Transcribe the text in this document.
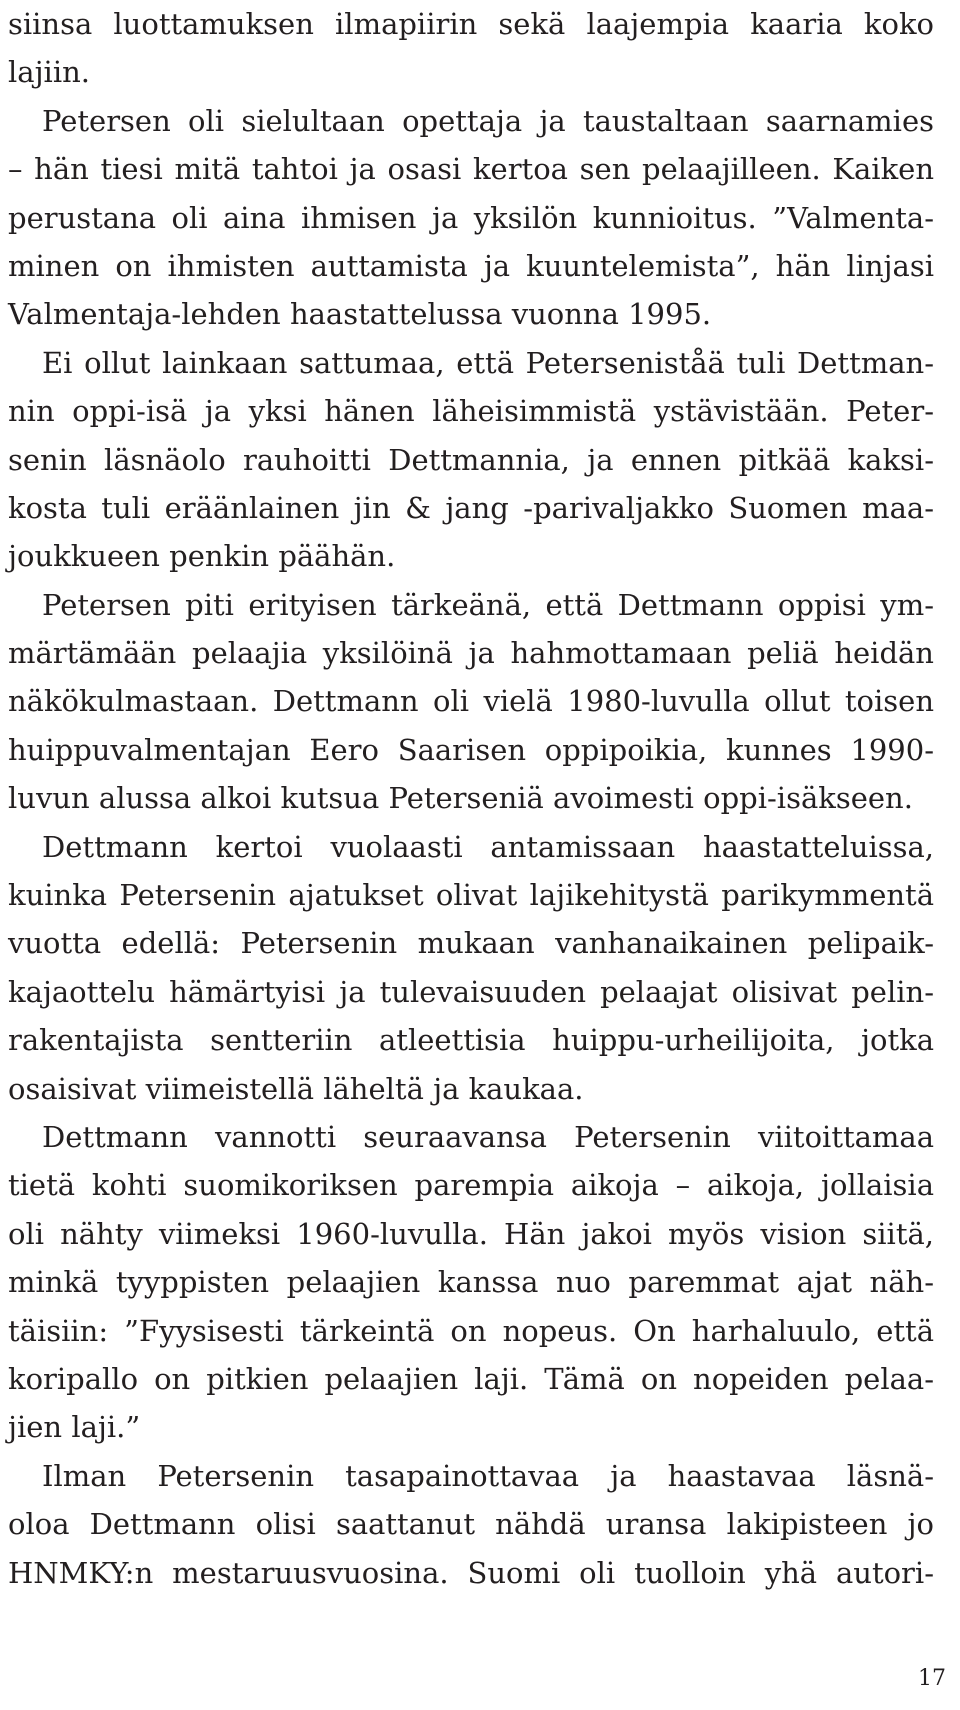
siinsa luottamuksen ilmapiirin sekä laajempia kaaria koko
lajiin.
Petersen oli sielultaan opettaja ja taustaltaan saarnamies
– hän tiesi mitä tahtoi ja osasi kertoa sen pelaajilleen. Kaiken
perustana oli aina ihmisen ja yksilön kunnioitus. ”Valmenta-
minen on ihmisten auttamista ja kuuntelemista”, hän linjasi
Valmentaja-lehden haastattelussa vuonna 1995.
Ei ollut lainkaan sattumaa, että Peterseniståä tuli Dettman-
nin oppi-isä ja yksi hänen läheisimmistä ystävistään. Peter-
senin läsnäolo rauhoitti Dettmannia, ja ennen pitkää kaksi-
kosta tuli eräänlainen jin & jang -parivaljakko Suomen maa-
joukkueen penkin päähän.
Petersen piti erityisen tärkeänä, että Dettmann oppisi ym-
märtämään pelaajia yksilöinä ja hahmottamaan peliä heidän
näkökulmastaan. Dettmann oli vielä 1980-luvulla ollut toisen
huippuvalmentajan Eero Saarisen oppipoikia, kunnes 1990-
luvun alussa alkoi kutsua Peterseniä avoimesti oppi-isäkseen.
Dettmann kertoi vuolaasti antamissaan haastatteluissa,
kuinka Petersenin ajatukset olivat lajikehitystä parikymmentä
vuotta edellä: Petersenin mukaan vanhanaikainen pelipaik-
kajaottelu hämärtyisi ja tulevaisuuden pelaajat olisivat pelin-
rakentajista sentteriin atleettisia huippu-urheilijoita, jotka
osaisivat viimeistellä läheltä ja kaukaa.
Dettmann vannotti seuraavansa Petersenin viitoittamaa
tietä kohti suomikoriksen parempia aikoja – aikoja, jollaisia
oli nähty viimeksi 1960-luvulla. Hän jakoi myös vision siitä,
minkä tyyppisten pelaajien kanssa nuo paremmat ajat näh-
täisiin: ”Fyysisesti tärkeintä on nopeus. On harhaluulo, että
koripallo on pitkien pelaajien laji. Tämä on nopeiden pelaa-
jien laji.”
Ilman Petersenin tasapainottavaa ja haastavaa läsnä-
oloa Dettmann olisi saattanut nähdä uransa lakipisteen jo
HNMKY:n mestaruusvuosina. Suomi oli tuolloin yhä autori-
17
